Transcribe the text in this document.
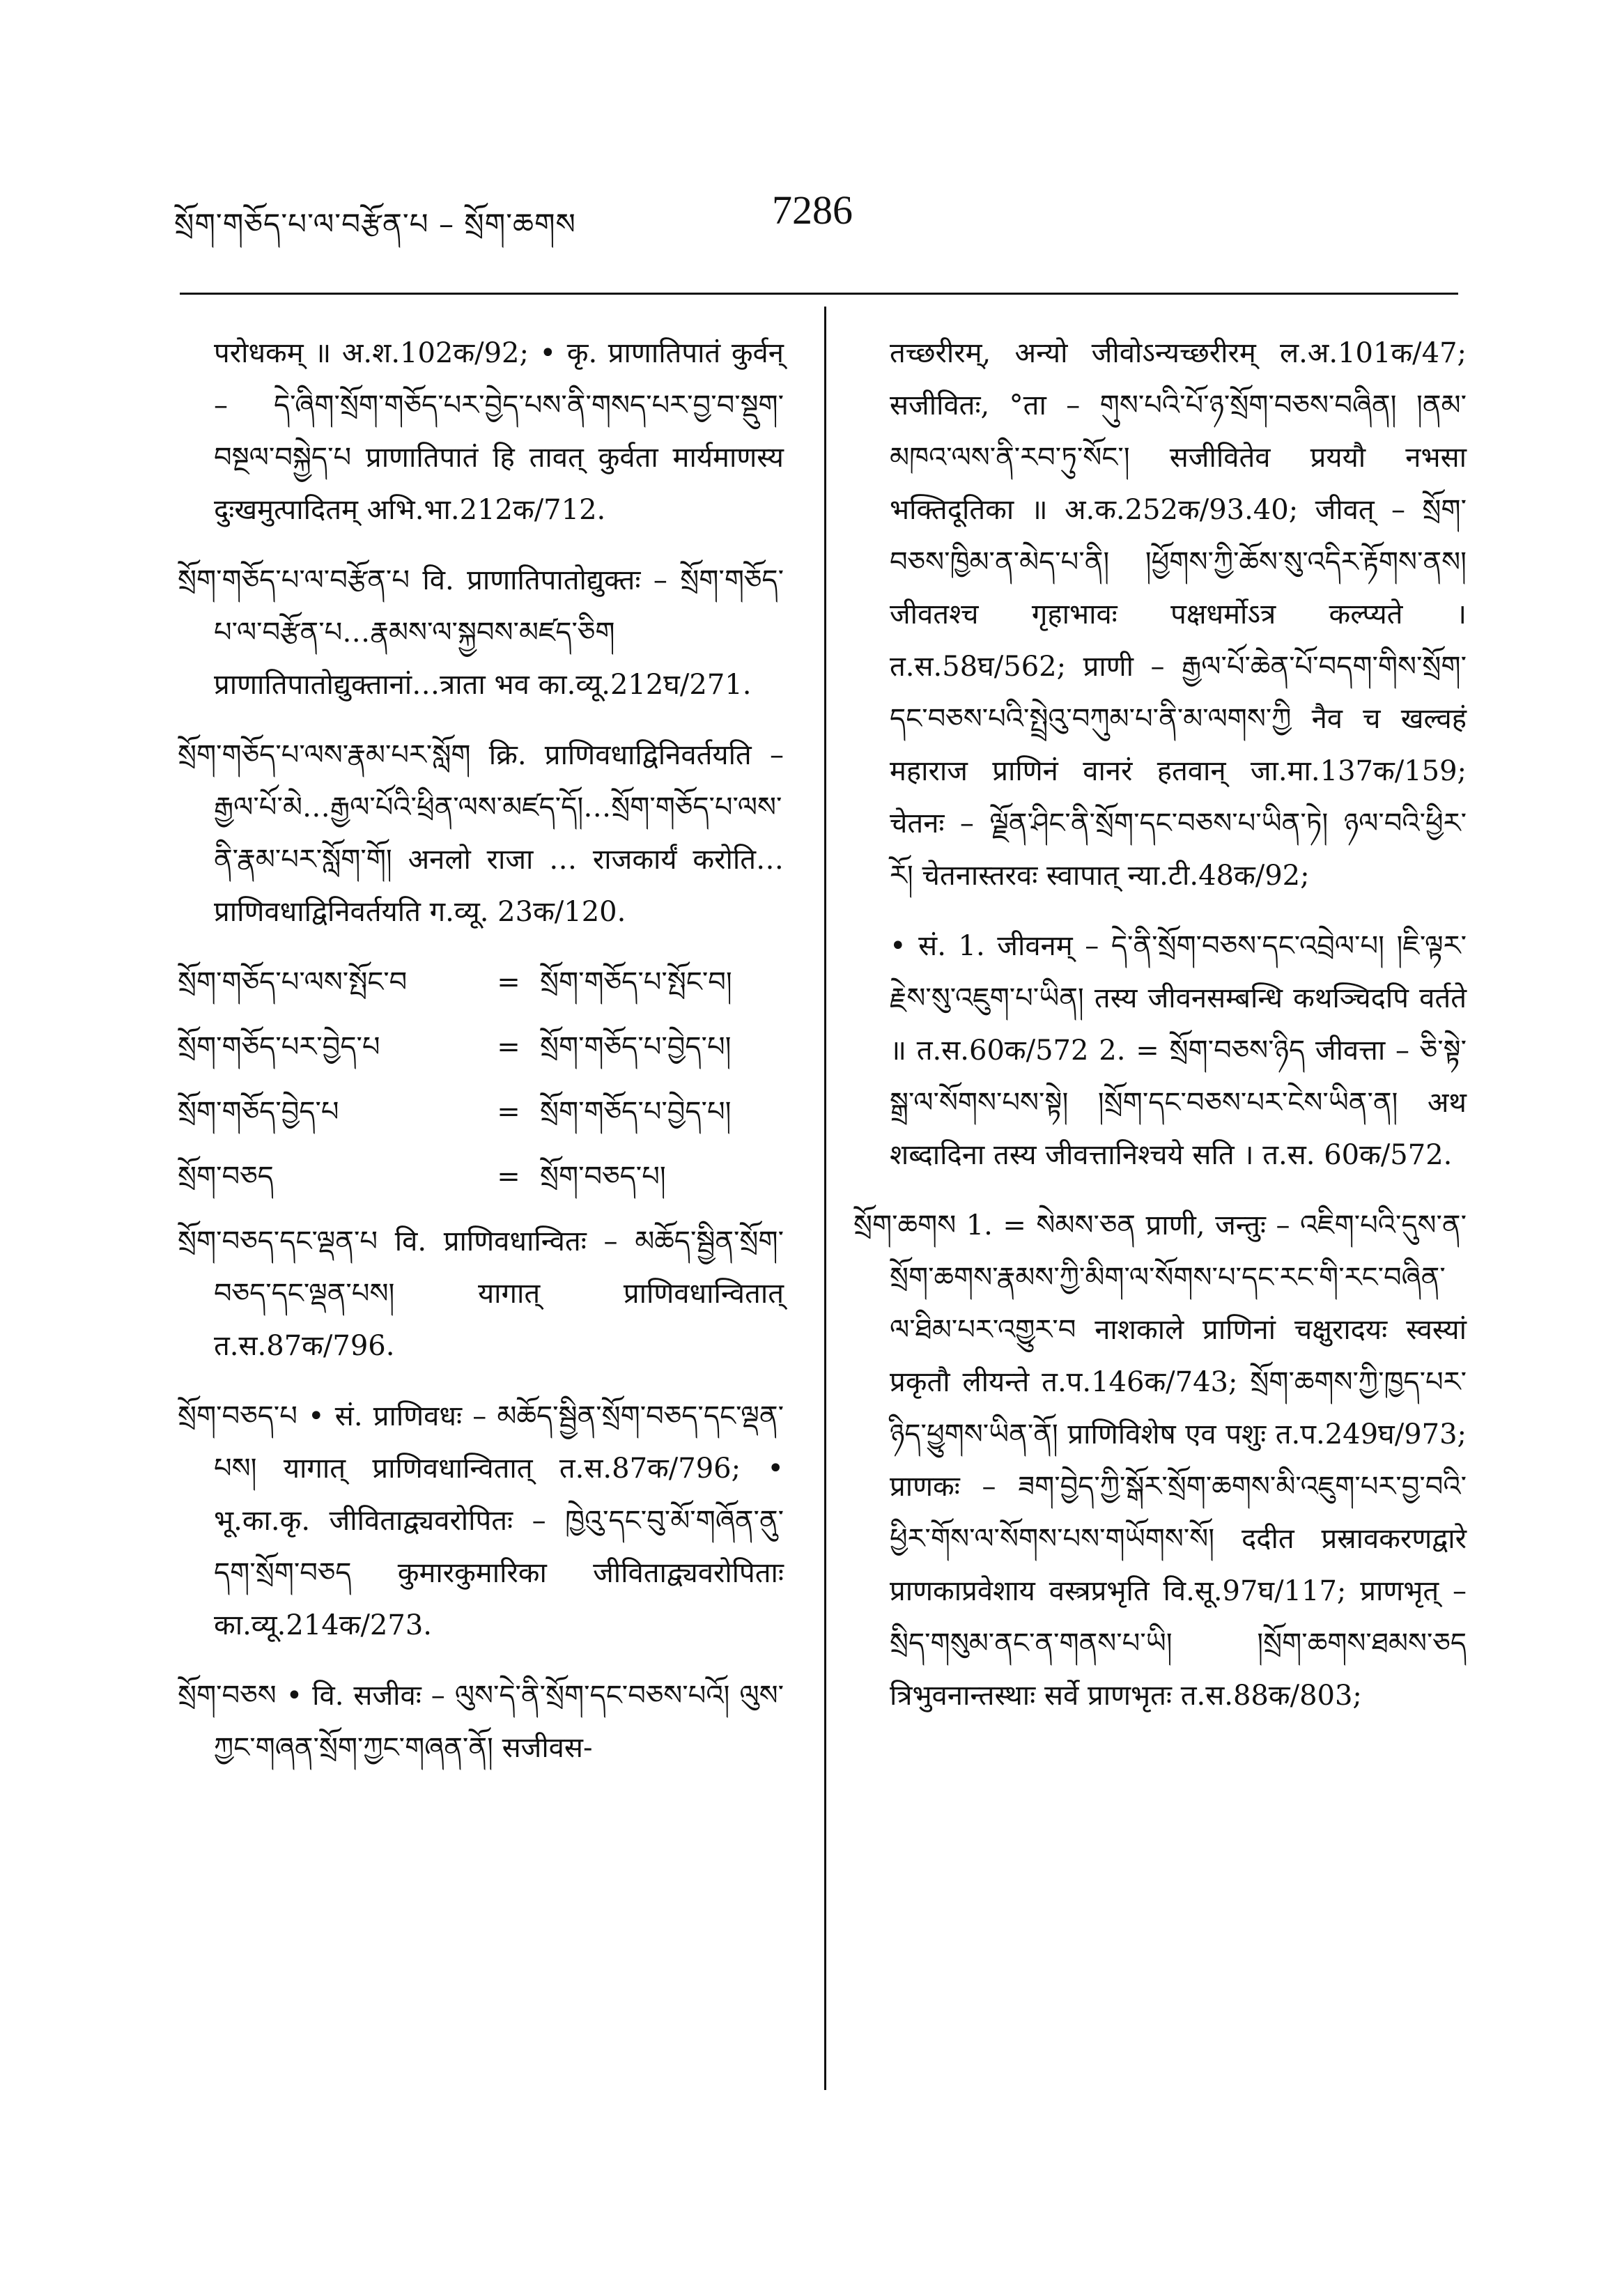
སྲོག་གཅོད་པ་ལ་བརྩོན་པ – སྲོག་ཆགས	7286

परोधकम् ॥ अ.श.102क/92; • कृ. प्राणातिपातं कुर्वन् – དེ་ཞིག་སྲོག་གཅོད་པར་བྱེད་པས་ནི་གསད་པར་བྱ་བ་སྡུག་བསྔལ་བསྐྱེད་པ प्राणातिपातं हि तावत् कुर्वता मार्यमाणस्य दुःखमुत्पादितम् अभि.भा.212क/712.

སྲོག་གཅོད་པ་ལ་བརྩོན་པ वि. प्राणातिपातोद्युक्तः – སྲོག་གཅོད་པ་ལ་བརྩོན་པ…རྣམས་ལ་སྐྱབས་མཛད་ཅིག प्राणातिपातोद्युक्तानां…त्राता भव का.व्यू.212घ/271.

སྲོག་གཅོད་པ་ལས་རྣམ་པར་སློག क्रि. प्राणिवधाद्विनिवर्तयति – རྒྱལ་པོ་མེ…རྒྱལ་པོའི་ཕྲིན་ལས་མཛད་དོ།…སྲོག་གཅོད་པ་ལས་ནི་རྣམ་པར་སློག་གོ། अनलो राजा … राजकार्यं करोति… प्राणिवधाद्विनिवर्तयति ग.व्यू. 23क/120.

སྲོག་གཅོད་པ་ལས་སྤོང་བ	= སྲོག་གཅོད་པ་སྤོང་བ།
སྲོག་གཅོད་པར་བྱེད་པ	= སྲོག་གཅོད་པ་བྱེད་པ།
སྲོག་གཅོད་བྱེད་པ	= སྲོག་གཅོད་པ་བྱེད་པ།
སྲོག་བཅད	= སྲོག་བཅད་པ།

སྲོག་བཅད་དང་ལྡན་པ वि. प्राणिवधान्वितः – མཆོད་སྦྱིན་སྲོག་བཅད་དང་ལྡན་པས། यागात् प्राणिवधान्वितात् त.स.87क/796.

སྲོག་བཅད་པ • सं. प्राणिवधः – མཆོད་སྦྱིན་སྲོག་བཅད་དང་ལྡན་པས། यागात् प्राणिवधान्वितात् त.स.87क/796; • भू.का.कृ. जीविताद्व्यवरोपितः – ཁྱེའུ་དང་བུ་མོ་གཞོན་ནུ་དག་སྲོག་བཅད कुमारकुमारिका जीविताद्व्यवरोपिताः का.व्यू.214क/273.

སྲོག་བཅས • वि. सजीवः – ལུས་དེ་ནི་སྲོག་དང་བཅས་པའོ། ལུས་ཀྱང་གཞན་སྲོག་ཀྱང་གཞན་ནོ། सजीवस-

तच्छरीरम्, अन्यो जीवोऽन्यच्छरीरम् ल.अ.101क/47; सजीवितः, °ता – གུས་པའི་པོ་ཉ་སྲོག་བཅས་བཞིན། །ནམ་མཁའ་ལས་ནི་རབ་ཏུ་སོང་། सजीवितेव प्रययौ नभसा भक्तिदूतिका ॥ अ.क.252क/93.40; जीवत् – སྲོག་བཅས་ཁྱིམ་ན་མེད་པ་ནི། །ཕྱོགས་ཀྱི་ཆོས་སུ་འདིར་རྟོགས་ནས། जीवतश्च गृहाभावः पक्षधर्मोऽत्र कल्प्यते । त.स.58घ/562; प्राणी – རྒྱལ་པོ་ཆེན་པོ་བདག་གིས་སྲོག་དང་བཅས་པའི་སྤྲེའུ་བཀུམ་པ་ནི་མ་ལགས་ཀྱི नैव च खल्वहं महाराज प्राणिनं वानरं हतवान् जा.मा.137क/159; चेतनः – ལྗོན་ཤིང་ནི་སྲོག་དང་བཅས་པ་ཡིན་ཏེ། ཉལ་བའི་ཕྱིར་རོ། चेतनास्तरवः स्वापात् न्या.टी.48क/92;

• सं. 1. जीवनम् – དེ་ནི་སྲོག་བཅས་དང་འབྲེལ་པ། །ཇི་ལྟར་རྗེས་སུ་འཇུག་པ་ཡིན། तस्य जीवनसम्बन्धि कथञ्चिदपि वर्तते ॥ त.स.60क/572 2. = སྲོག་བཅས་ཉིད जीवत्ता – ཅི་སྟེ་སྒྲ་ལ་སོགས་པས་སྟེ། །སྲོག་དང་བཅས་པར་ངེས་ཡིན་ན། अथ शब्दादिना तस्य जीवत्तानिश्चये सति । त.स. 60क/572.

སྲོག་ཆགས 1. = སེམས་ཅན प्राणी, जन्तुः – འཇིག་པའི་དུས་ན་སྲོག་ཆགས་རྣམས་ཀྱི་མིག་ལ་སོགས་པ་དང་རང་གི་རང་བཞིན་ལ་ཐིམ་པར་འགྱུར་བ नाशकाले प्राणिनां चक्षुरादयः स्वस्यां प्रकृतौ लीयन्ते त.प.146क/743; སྲོག་ཆགས་ཀྱི་ཁྱད་པར་ཉིད་ཕྱུགས་ཡིན་ནོ། प्राणिविशेष एव पशुः त.प.249घ/973; प्राणकः – ཟག་བྱེད་ཀྱི་སྒོར་སྲོག་ཆགས་མི་འཇུག་པར་བྱ་བའི་ཕྱིར་གོས་ལ་སོགས་པས་གཡོགས་སོ། ददीत प्रस्रावकरणद्वारे प्राणकाप्रवेशाय वस्त्रप्रभृति वि.सू.97घ/117; प्राणभृत् – སྲིད་གསུམ་ནང་ན་གནས་པ་ཡི། །སྲོག་ཆགས་ཐམས་ཅད त्रिभुवनान्तस्थाः सर्वे प्राणभृतः त.स.88क/803;
